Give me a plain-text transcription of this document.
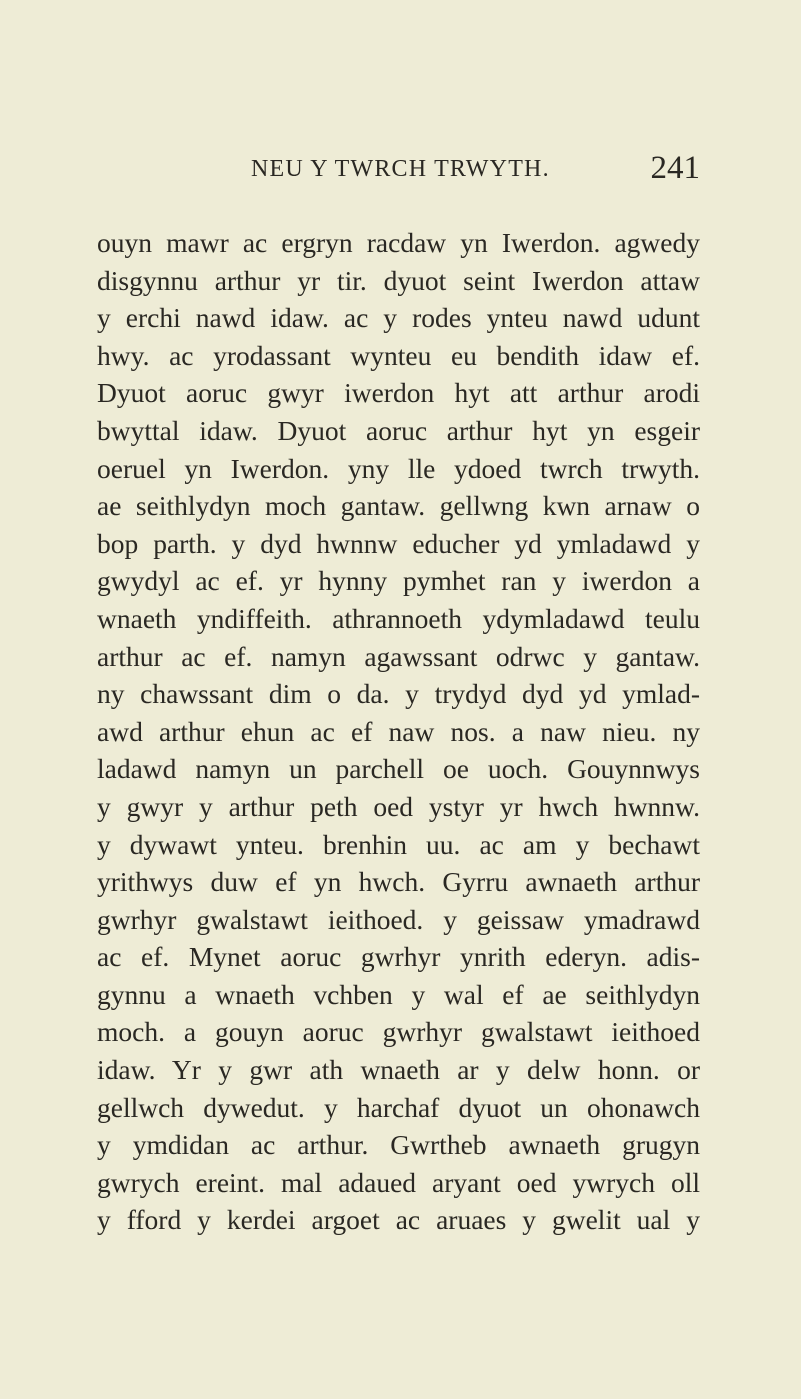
NEU Y TWRCH TRWYTH.	241
ouyn mawr ac ergryn racdaw yn Iwerdon. agwedy
disgynnu arthur yr tir. dyuot seint Iwerdon attaw
y erchi nawd idaw. ac y rodes ynteu nawd udunt
hwy. ac yrodassant wynteu eu bendith idaw ef.
Dyuot aoruc gwyr iwerdon hyt att arthur arodi
bwyttal idaw. Dyuot aoruc arthur hyt yn esgeir
oeruel yn Iwerdon. yny lle ydoed twrch trwyth.
ae seithlydyn moch gantaw. gellwng kwn arnaw o
bop parth. y dyd hwnnw educher yd ymladawd y
gwydyl ac ef. yr hynny pymhet ran y iwerdon a
wnaeth yndiffeith. athrannoeth ydymladawd teulu
arthur ac ef. namyn agawssant odrwc y gantaw.
ny chawssant dim o da. y trydyd dyd yd ymlad-
awd arthur ehun ac ef naw nos. a naw nieu. ny
ladawd namyn un parchell oe uoch. Gouynnwys
y gwyr y arthur peth oed ystyr yr hwch hwnnw.
y dywawt ynteu. brenhin uu. ac am y bechawt
yrithwys duw ef yn hwch. Gyrru awnaeth arthur
gwrhyr gwalstawt ieithoed. y geissaw ymadrawd
ac ef. Mynet aoruc gwrhyr ynrith ederyn. adis-
gynnu a wnaeth vchben y wal ef ae seithlydyn
moch. a gouyn aoruc gwrhyr gwalstawt ieithoed
idaw. Yr y gwr ath wnaeth ar y delw honn. or
gellwch dywedut. y harchaf dyuot un ohonawch
y ymdidan ac arthur. Gwrtheb awnaeth grugyn
gwrych ereint. mal adaued aryant oed ywrych oll
y fford y kerdei argoet ac aruaes y gwelit ual y
